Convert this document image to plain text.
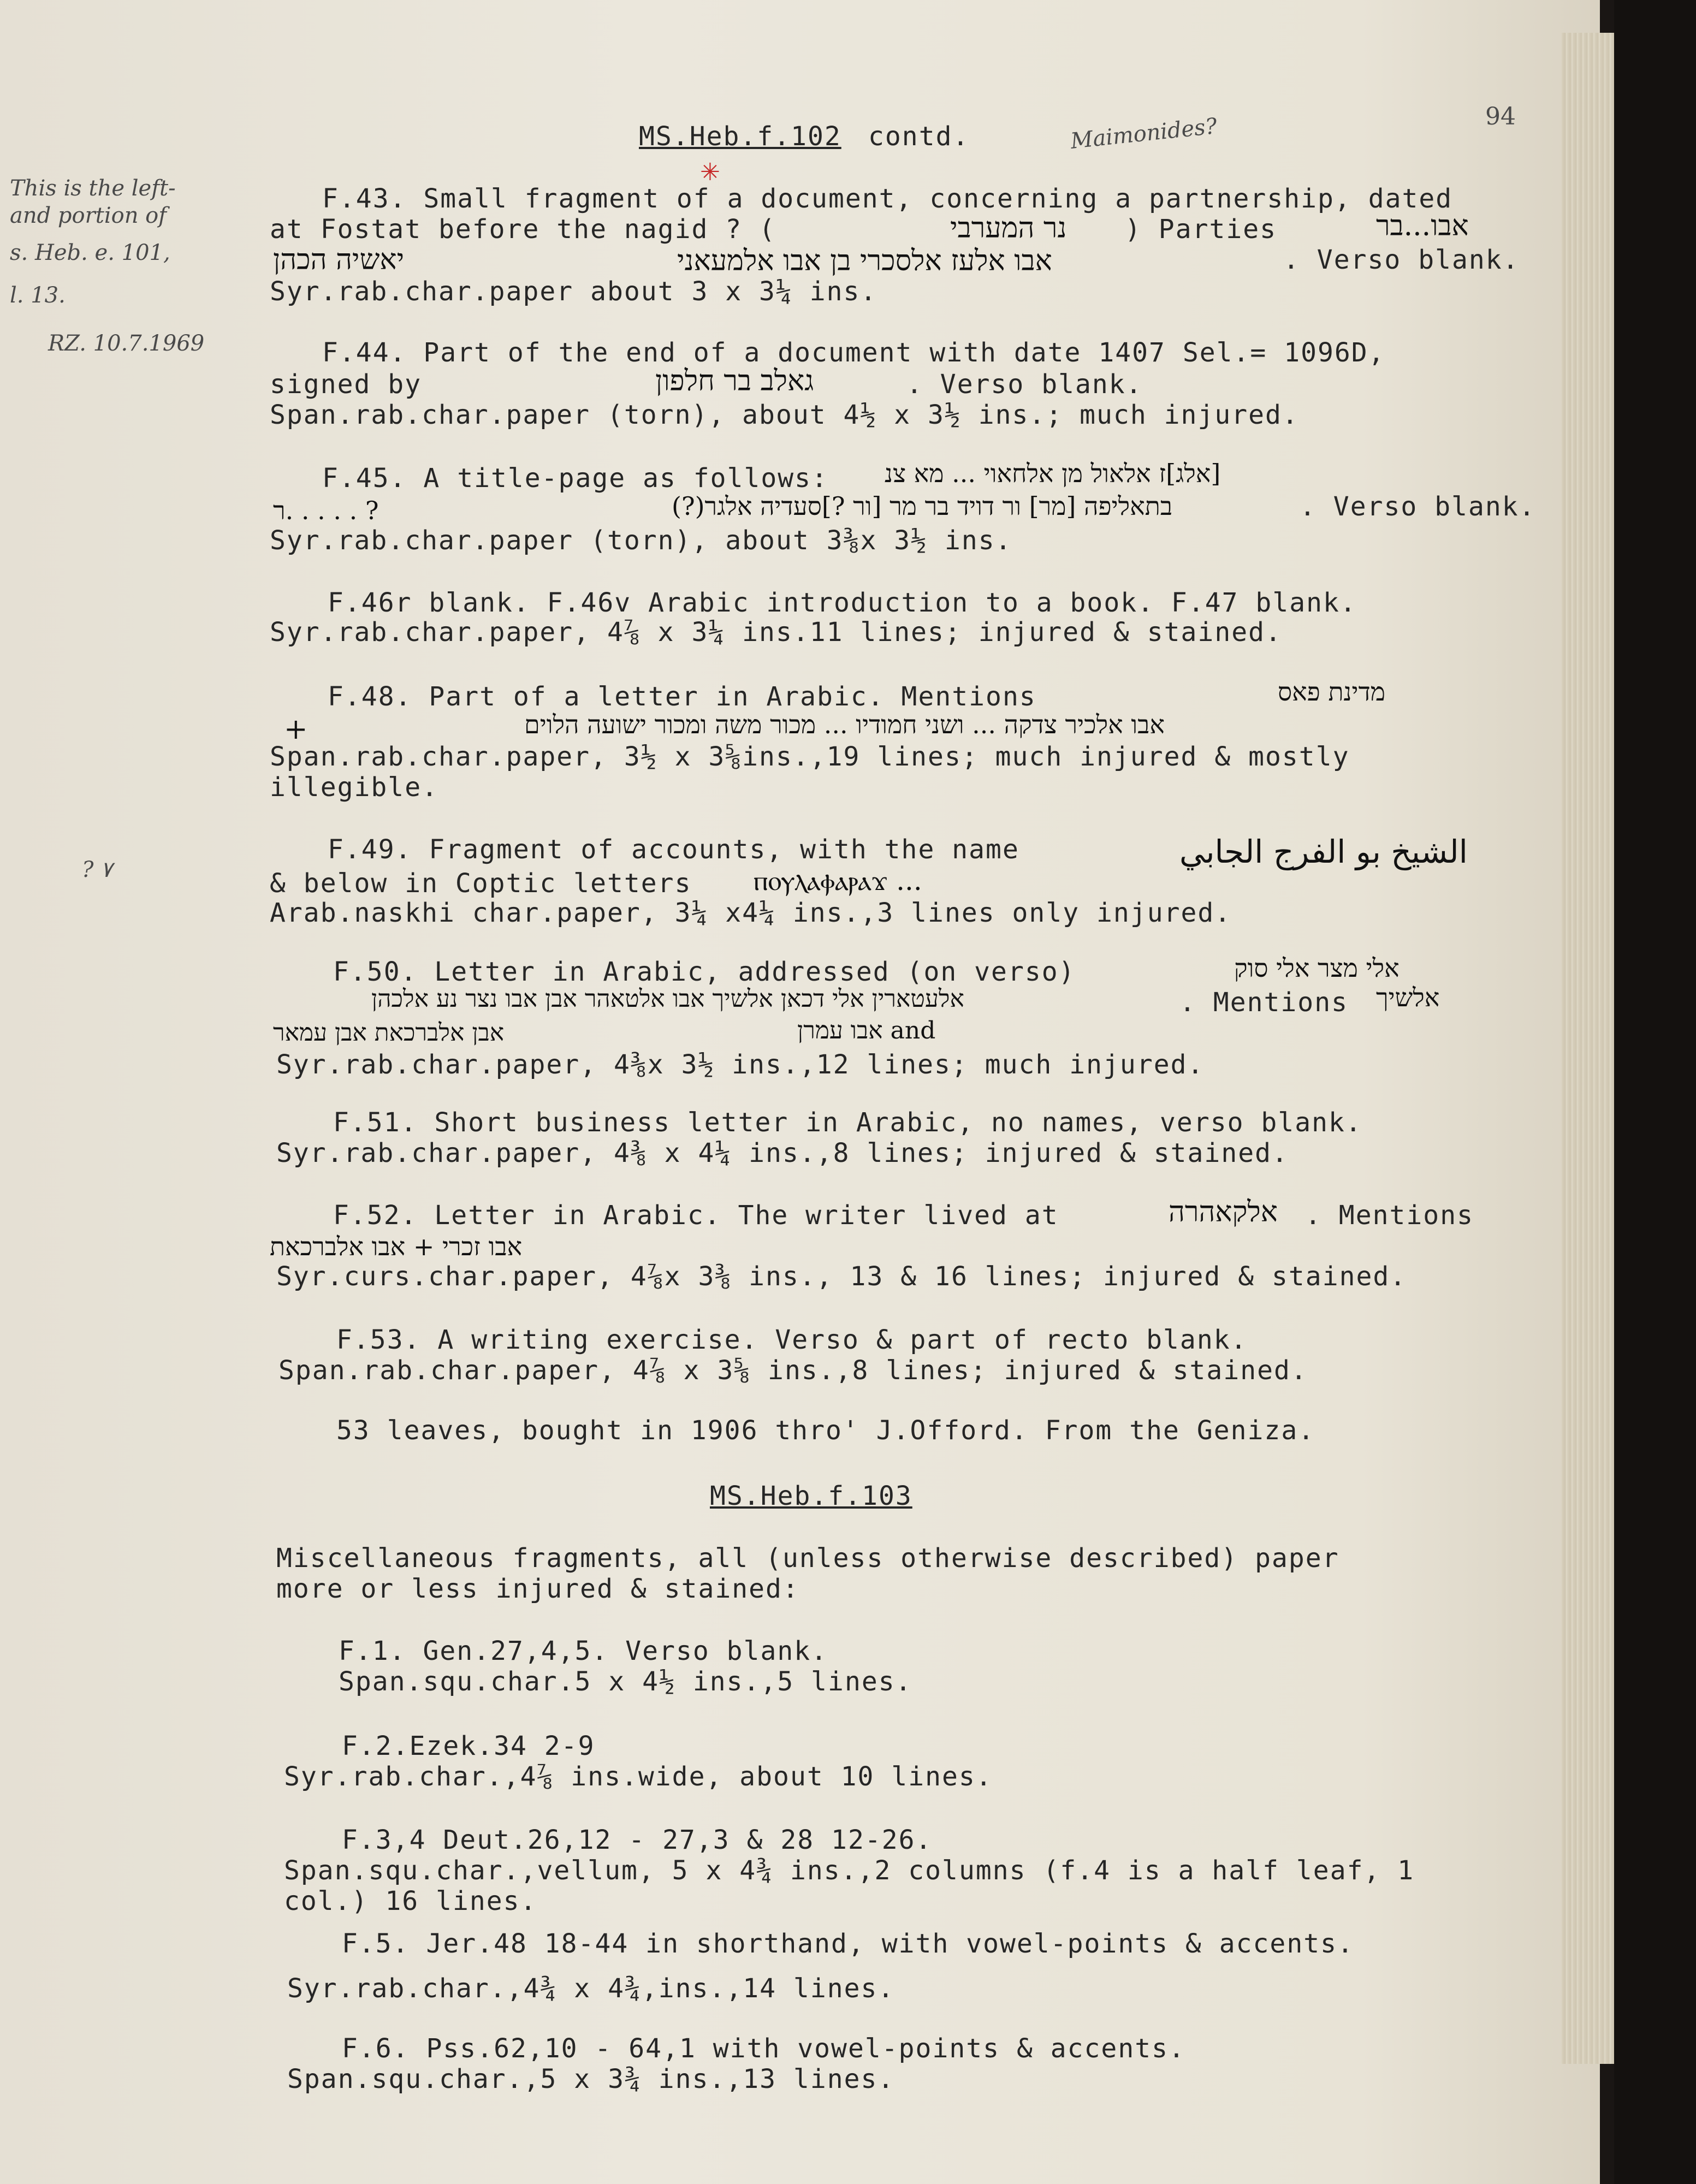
94
MS.Heb.f.102 contd.	Maimonides?
This is the left-
and portion of
s. Heb. e. 101,
l. 13.
RZ. 10.7.1969
? ۷
F.43. Small fragment of a document, concerning a partnership, dated
✳
at Fostat before the nagid ? (	נר המערבי ) Parties	אבו...בר
אבו אלעז אלסכרי בן אבו אלמעאני
יאשיה הכהן	. Verso blank.
Syr.rab.char.paper about 3 x 3¼ ins.
F.44. Part of the end of a document with date 1407 Sel.= 1096D,
signed by	גאלב בר חלפון	. Verso blank.
Span.rab.char.paper (torn), about 4½ x 3½ ins.; much injured.
F.45. A title-page as follows: [אלג]ז אלאול מן אלחאוי ... מא צנ
בתאליפה [מר] ור דויד בר מר [ור ?]סעדיה אלגר(?)
ר. . . . . ?	. Verso blank.
Syr.rab.char.paper (torn), about 3⅜x 3½ ins.
F.46r blank. F.46v Arabic introduction to a book. F.47 blank.
Syr.rab.char.paper, 4⅞ x 3¼ ins.11 lines; injured & stained.
F.48. Part of a letter in Arabic. Mentions	מדינת פאס
+	אבו אלכיר צדקה ... ושני חמודיו ... מכור משה ומכור ישועה הלוים
Span.rab.char.paper, 3½ x 3⅝ins.,19 lines; much injured & mostly
illegible.
F.49. Fragment of accounts, with the name	الشيخ بو الفرج الجابي
& below in Coptic letters ⲡⲟⲩⲗⲁⲫⲁⲣⲁϫ ...
Arab.naskhi char.paper, 3¼ x4¼ ins.,3 lines only injured.
F.50. Letter in Arabic, addressed (on verso)	אלי מצר אלי סוק
אלשיך
אלעטארין אלי דכאן אלשיך אבו אלטאהר אבן אבו נצר נע אלכהן	. Mentions
אבו עמרן and
אבן אלברכאת אבן עמאר
Syr.rab.char.paper, 4⅜x 3½ ins.,12 lines; much injured.
F.51. Short business letter in Arabic, no names, verso blank.
Syr.rab.char.paper, 4⅜ x 4¼ ins.,8 lines; injured & stained.
F.52. Letter in Arabic. The writer lived at	אלקאהרה . Mentions
אבו זכרי + אבו אלברכאת
Syr.curs.char.paper, 4⅞x 3⅜ ins., 13 & 16 lines; injured & stained.
F.53. A writing exercise. Verso & part of recto blank.
Span.rab.char.paper, 4⅞ x 3⅝ ins.,8 lines; injured & stained.
53 leaves, bought in 1906 thro' J.Offord. From the Geniza.
MS.Heb.f.103
Miscellaneous fragments, all (unless otherwise described) paper
more or less injured & stained:
F.1. Gen.27,4,5. Verso blank.
Span.squ.char.5 x 4½ ins.,5 lines.
F.2.Ezek.34 2-9
Syr.rab.char.,4⅞ ins.wide, about 10 lines.
F.3,4 Deut.26,12 - 27,3 & 28 12-26.
Span.squ.char.,vellum, 5 x 4¾ ins.,2 columns (f.4 is a half leaf, 1
col.) 16 lines.
F.5. Jer.48 18-44 in shorthand, with vowel-points & accents.
Syr.rab.char.,4¾ x 4¾,ins.,14 lines.
F.6. Pss.62,10 - 64,1 with vowel-points & accents.
Span.squ.char.,5 x 3¾ ins.,13 lines.
